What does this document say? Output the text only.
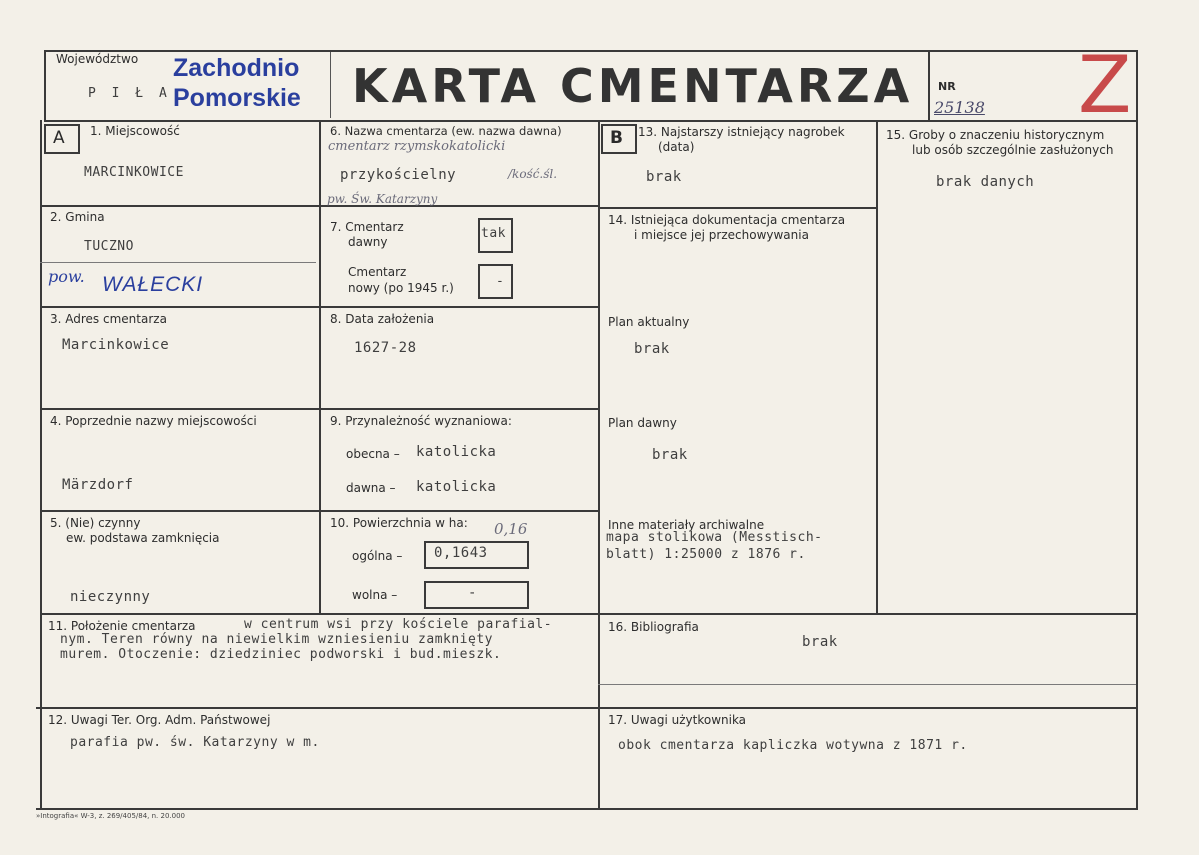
Województwo
P I Ł A
Zachodnio
Pomorskie KARTA CMENTARZA NR
25138 Z
A 1. Miejscowość
MARCINKOWICE
2. Gmina
TUCZNO
pow. WAŁECKI
3. Adres cmentarza
Marcinkowice
4. Poprzednie nazwy miejscowości
Märzdorf
5. (Nie) czynny
ew. podstawa zamknięcia
nieczynny
6. Nazwa cmentarza (ew. nazwa dawna)
cmentarz rzymskokatolicki
przykościelny	/kość.śl.
pw. Św. Katarzyny
7. Cmentarz
dawny
tak
Cmentarz
nowy (po 1945 r.)	-
8. Data założenia
1627-28
9. Przynależność wyznaniowa:
obecna – katolicka
dawna – katolicka
10. Powierzchnia w ha: 0,16
ogólna – 0,1643
wolna –	-
B 13. Najstarszy istniejący nagrobek
(data)
brak
14. Istniejąca dokumentacja cmentarza
i miejsce jej przechowywania
Plan aktualny
brak
Plan dawny
brak
Inne materiały archiwalne
mapa stolikowa (Messtisch-
blatt) 1:25000 z 1876 r.
15. Groby o znaczeniu historycznym
lub osób szczególnie zasłużonych
brak danych
11. Położenie cmentarza	w centrum wsi przy kościele parafial-
nym. Teren równy na niewielkim wzniesieniu zamknięty
murem. Otoczenie: dziedziniec podworski i bud.mieszk.
16. Bibliografia
brak
12. Uwagi Ter. Org. Adm. Państwowej
parafia pw. św. Katarzyny w m.
17. Uwagi użytkownika
obok cmentarza kapliczka wotywna z 1871 r.
»Intografia« W-3, z. 269/405/84, n. 20.000
